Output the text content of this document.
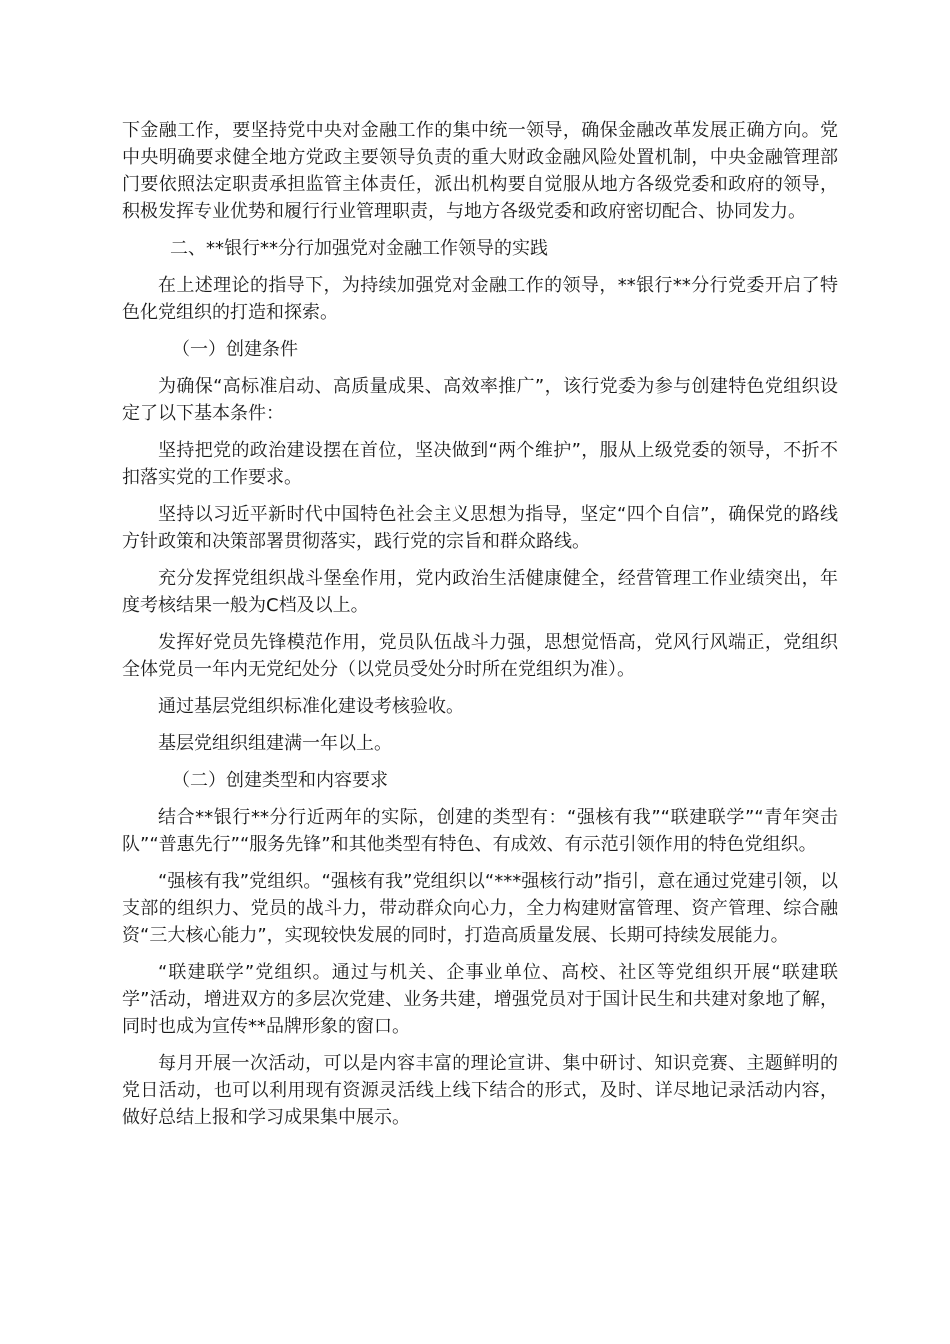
下金融工作，要坚持党中央对金融工作的集中统一领导，确保金融改革发展正确方向。党中央明确要求健全地方党政主要领导负责的重大财政金融风险处置机制，中央金融管理部门要依照法定职责承担监管主体责任，派出机构要自觉服从地方各级党委和政府的领导，积极发挥专业优势和履行行业管理职责，与地方各级党委和政府密切配合、协同发力。

二、**银行**分行加强党对金融工作领导的实践

在上述理论的指导下，为持续加强党对金融工作的领导，**银行**分行党委开启了特色化党组织的打造和探索。

（一）创建条件

为确保“高标准启动、高质量成果、高效率推广”，该行党委为参与创建特色党组织设定了以下基本条件：

坚持把党的政治建设摆在首位，坚决做到“两个维护”，服从上级党委的领导，不折不扣落实党的工作要求。

坚持以习近平新时代中国特色社会主义思想为指导，坚定“四个自信”，确保党的路线方针政策和决策部署贯彻落实，践行党的宗旨和群众路线。

充分发挥党组织战斗堡垒作用，党内政治生活健康健全，经营管理工作业绩突出，年度考核结果一般为C档及以上。

发挥好党员先锋模范作用，党员队伍战斗力强，思想觉悟高，党风行风端正，党组织全体党员一年内无党纪处分（以党员受处分时所在党组织为准）。

通过基层党组织标准化建设考核验收。

基层党组织组建满一年以上。

（二）创建类型和内容要求

结合**银行**分行近两年的实际，创建的类型有：“强核有我”“联建联学”“青年突击队”“普惠先行”“服务先锋”和其他类型有特色、有成效、有示范引领作用的特色党组织。

“强核有我”党组织。“强核有我”党组织以“***强核行动”指引，意在通过党建引领，以支部的组织力、党员的战斗力，带动群众向心力，全力构建财富管理、资产管理、综合融资“三大核心能力”，实现较快发展的同时，打造高质量发展、长期可持续发展能力。

“联建联学”党组织。通过与机关、企事业单位、高校、社区等党组织开展“联建联学”活动，增进双方的多层次党建、业务共建，增强党员对于国计民生和共建对象地了解，同时也成为宣传**品牌形象的窗口。

每月开展一次活动，可以是内容丰富的理论宣讲、集中研讨、知识竞赛、主题鲜明的党日活动，也可以利用现有资源灵活线上线下结合的形式，及时、详尽地记录活动内容，做好总结上报和学习成果集中展示。
